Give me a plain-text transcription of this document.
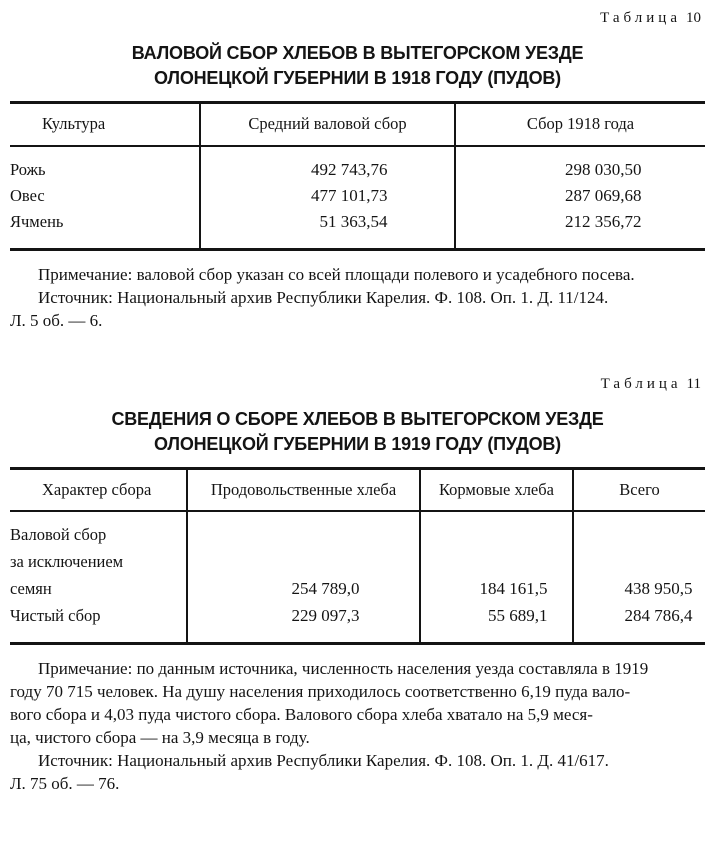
Таблица 10
ВАЛОВОЙ СБОР ХЛЕБОВ В ВЫТЕГОРСКОМ УЕЗДЕ
ОЛОНЕЦКОЙ ГУБЕРНИИ В 1918 ГОДУ (ПУДОВ)
Культура	Средний валовой сбор	Сбор 1918 года
Рожь	492 743,76	298 030,50
Овес	477 101,73	287 069,68
Ячмень	51 363,54	212 356,72
Примечание: валовой сбор указан со всей площади полевого и усадебного посева.
Источник: Национальный архив Республики Карелия. Ф. 108. Оп. 1. Д. 11/124.
Л. 5 об. — 6.
Таблица 11
СВЕДЕНИЯ О СБОРЕ ХЛЕБОВ В ВЫТЕГОРСКОМ УЕЗДЕ
ОЛОНЕЦКОЙ ГУБЕРНИИ В 1919 ГОДУ (ПУДОВ)
Характер сбора	Продовольственные хлеба	Кормовые хлеба	Всего

Валовой сбор
за исключением
семян	254 789,0	184 161,5	438 950,5
Чистый сбор	229 097,3	55 689,1	284 786,4
Примечание: по данным источника, численность населения уезда составляла в 1919
году 70 715 человек. На душу населения приходилось соответственно 6,19 пуда вало-
вого сбора и 4,03 пуда чистого сбора. Валового сбора хлеба хватало на 5,9 меся-
ца, чистого сбора — на 3,9 месяца в году.
Источник: Национальный архив Республики Карелия. Ф. 108. Оп. 1. Д. 41/617.
Л. 75 об. — 76.
